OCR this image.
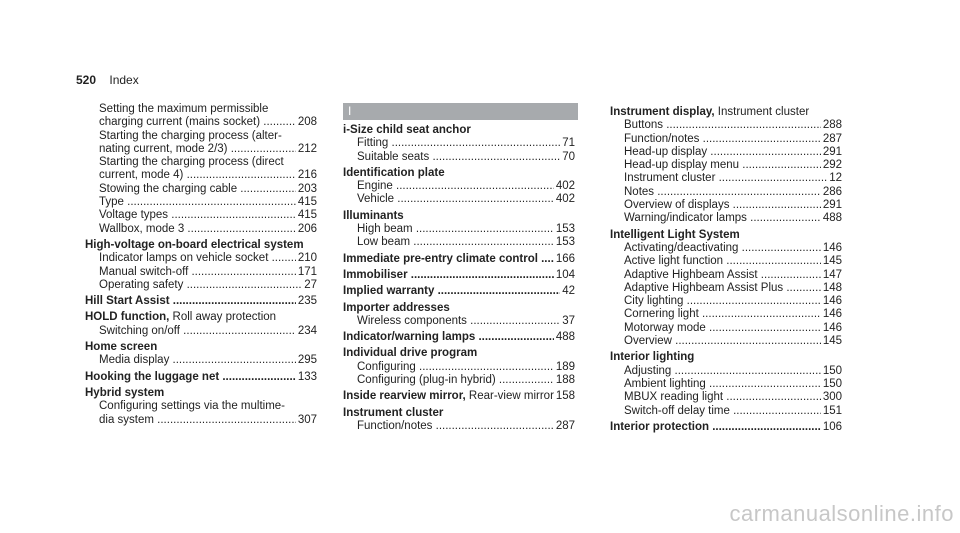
520 Index
Setting the maximum permissible
charging current (mains socket) .....	208
Starting the charging process (alter-
nating current, mode 2/3) .....	212
Starting the charging process (direct
current, mode 4) .....	216
Stowing the charging cable .....	203
Type .....	415
Voltage types .....	415
Wallbox, mode 3 .....	206
High-voltage on-board electrical system
Indicator lamps on vehicle socket .....	210
Manual switch-off .....	171
Operating safety .....	27
Hill Start Assist .....	235
HOLD function, Roll away protection
Switching on/off .....	234
Home screen
Media display .....	295
Hooking the luggage net .....	133
Hybrid system
Configuring settings via the multime-
dia system .....	307
I
i-Size child seat anchor
Fitting .....	71
Suitable seats .....	70
Identification plate
Engine .....	402
Vehicle .....	402
Illuminants
High beam .....	153
Low beam .....	153
Immediate pre-entry climate control .....	166
Immobiliser .....	104
Implied warranty .....	42
Importer addresses
Wireless components .....	37
Indicator/warning lamps .....	488
Individual drive program
Configuring .....	189
Configuring (plug-in hybrid) .....	188
Inside rearview mirror, Rear-view mirror ..... 158
Instrument cluster
Function/notes .....	287
Instrument display, Instrument cluster
Buttons .....	288
Function/notes .....	287
Head-up display .....	291
Head-up display menu .....	292
Instrument cluster .....	12
Notes .....	286
Overview of displays .....	291
Warning/indicator lamps .....	488
Intelligent Light System
Activating/deactivating .....	146
Active light function .....	145
Adaptive Highbeam Assist .....	147
Adaptive Highbeam Assist Plus .....	148
City lighting .....	146
Cornering light .....	146
Motorway mode .....	146
Overview .....	145
Interior lighting
Adjusting .....	150
Ambient lighting .....	150
MBUX reading light .....	300
Switch-off delay time .....	151
Interior protection .....	106
carmanualsonline.info
